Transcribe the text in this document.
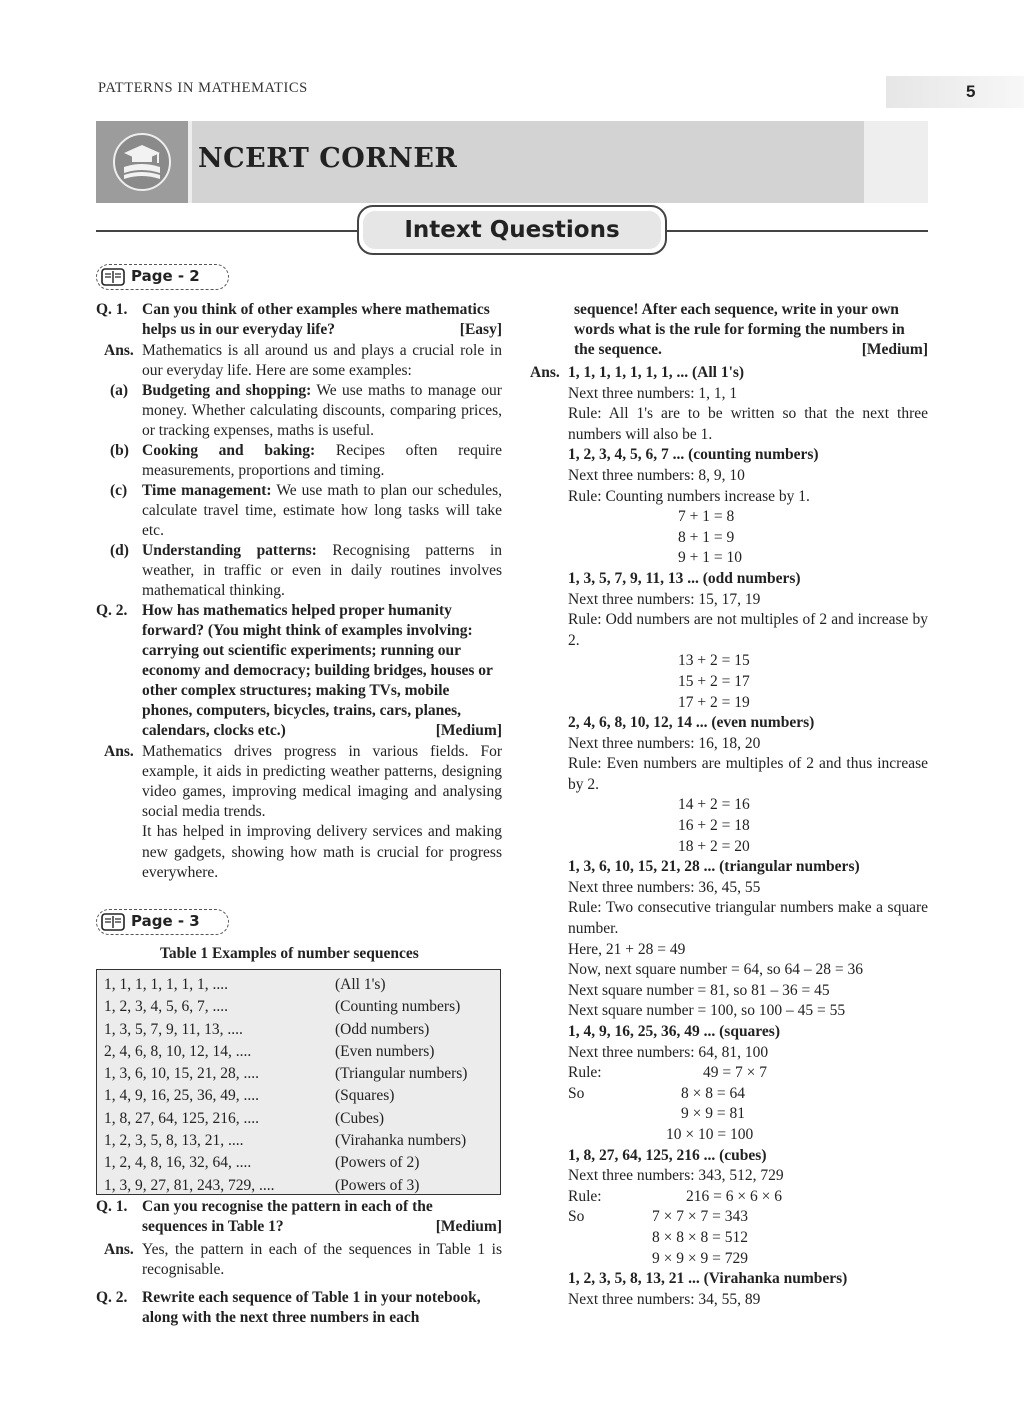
PATTERNS IN MATHEMATICS	5
NCERT CORNER
Intext Questions
Page - 2
Q. 1. Can you think of other examples where mathematics helps us in our everyday life?	[Easy]
Ans. Mathematics is all around us and plays a crucial role in our everyday life. Here are some examples:
(a) Budgeting and shopping: We use maths to manage our money. Whether calculating discounts, comparing prices, or tracking expenses, maths is useful.
(b) Cooking and baking: Recipes often require measurements, proportions and timing.
(c) Time management: We use math to plan our schedules, calculate travel time, estimate how long tasks will take etc.
(d) Understanding patterns: Recognising patterns in weather, in traffic or even in daily routines involves mathematical thinking.
Q. 2. How has mathematics helped proper humanity forward? (You might think of examples involving: carrying out scientific experiments; running our economy and democracy; building bridges, houses or other complex structures; making TVs, mobile phones, computers, bicycles, trains, cars, planes, calendars, clocks etc.)	[Medium]
Ans. Mathematics drives progress in various fields. For example, it aids in predicting weather patterns, designing video games, improving medical imaging and analysing social media trends.
It has helped in improving delivery services and making new gadgets, showing how math is crucial for progress everywhere.
Page - 3
Table 1 Examples of number sequences
1, 1, 1, 1, 1, 1, 1, ....	(All 1's)
1, 2, 3, 4, 5, 6, 7, ....	(Counting numbers)
1, 3, 5, 7, 9, 11, 13, ....	(Odd numbers)
2, 4, 6, 8, 10, 12, 14, ....	(Even numbers)
1, 3, 6, 10, 15, 21, 28, ....	(Triangular numbers)
1, 4, 9, 16, 25, 36, 49, ....	(Squares)
1, 8, 27, 64, 125, 216, ....	(Cubes)
1, 2, 3, 5, 8, 13, 21, ....	(Virahanka numbers)
1, 2, 4, 8, 16, 32, 64, ....	(Powers of 2)
1, 3, 9, 27, 81, 243, 729, ....	(Powers of 3)
Q. 1. Can you recognise the pattern in each of the sequences in Table 1?	[Medium]
Ans. Yes, the pattern in each of the sequences in Table 1 is recognisable.
Q. 2. Rewrite each sequence of Table 1 in your notebook, along with the next three numbers in each
sequence! After each sequence, write in your own words what is the rule for forming the numbers in the sequence.	[Medium]
Ans. 1, 1, 1, 1, 1, 1, 1, ... (All 1's)
Next three numbers: 1, 1, 1
Rule: All 1's are to be written so that the next three numbers will also be 1.
1, 2, 3, 4, 5, 6, 7 ... (counting numbers)
Next three numbers: 8, 9, 10
Rule: Counting numbers increase by 1.
7 + 1 = 8
8 + 1 = 9
9 + 1 = 10
1, 3, 5, 7, 9, 11, 13 ... (odd numbers)
Next three numbers: 15, 17, 19
Rule: Odd numbers are not multiples of 2 and increase by 2.
13 + 2 = 15
15 + 2 = 17
17 + 2 = 19
2, 4, 6, 8, 10, 12, 14 ... (even numbers)
Next three numbers: 16, 18, 20
Rule: Even numbers are multiples of 2 and thus increase by 2.
14 + 2 = 16
16 + 2 = 18
18 + 2 = 20
1, 3, 6, 10, 15, 21, 28 ... (triangular numbers)
Next three numbers: 36, 45, 55
Rule: Two consecutive triangular numbers make a square number.
Here, 21 + 28 = 49
Now, next square number = 64, so 64 – 28 = 36
Next square number = 81, so 81 – 36 = 45
Next square number = 100, so 100 – 45 = 55
1, 4, 9, 16, 25, 36, 49 ... (squares)
Next three numbers: 64, 81, 100
Rule:	49 = 7 × 7
So	8 × 8 = 64
9 × 9 = 81
10 × 10 = 100
1, 8, 27, 64, 125, 216 ... (cubes)
Next three numbers: 343, 512, 729
Rule:	216 = 6 × 6 × 6
So	7 × 7 × 7 = 343
8 × 8 × 8 = 512
9 × 9 × 9 = 729
1, 2, 3, 5, 8, 13, 21 ... (Virahanka numbers)
Next three numbers: 34, 55, 89
